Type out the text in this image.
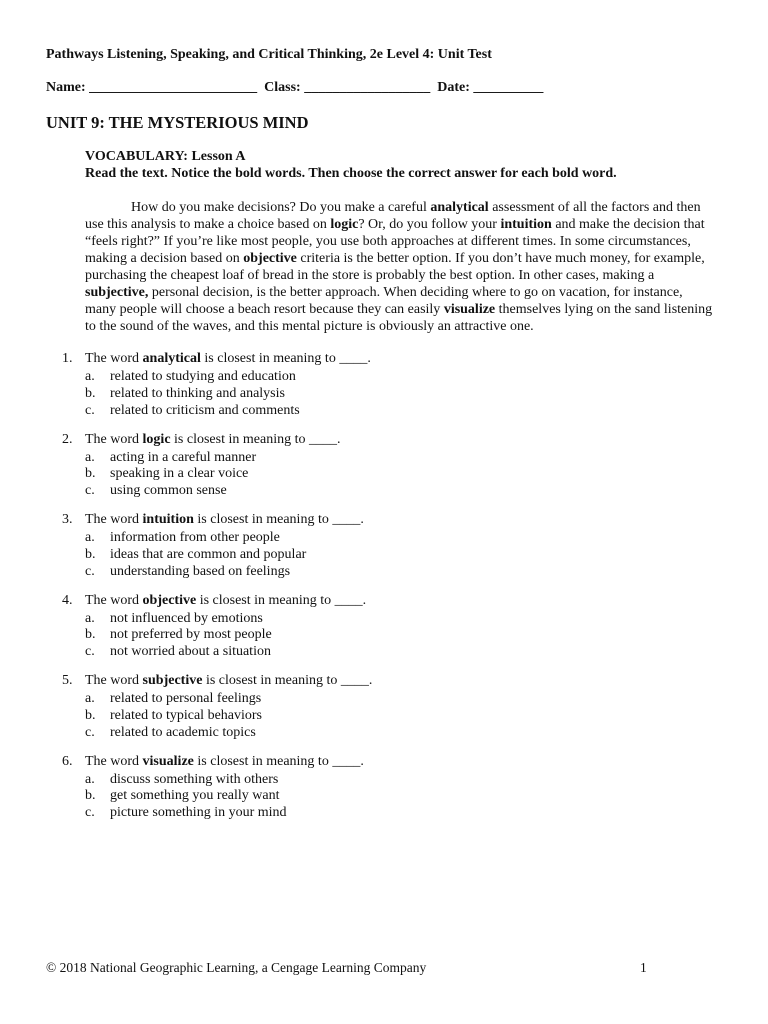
Pathways Listening, Speaking, and Critical Thinking, 2e Level 4: Unit Test
Name: ________________________ Class: __________________ Date: __________
UNIT 9: THE MYSTERIOUS MIND
VOCABULARY: Lesson A
Read the text. Notice the bold words. Then choose the correct answer for each bold word.

How do you make decisions? Do you make a careful analytical assessment of all the factors and then use this analysis to make a choice based on logic? Or, do you follow your intuition and make the decision that “feels right?” If you’re like most people, you use both approaches at different times. In some circumstances, making a decision based on objective criteria is the better option. If you don’t have much money, for example, purchasing the cheapest loaf of bread in the store is probably the best option. In other cases, making a subjective, personal decision, is the better approach. When deciding where to go on vacation, for instance, many people will choose a beach resort because they can easily visualize themselves lying on the sand listening to the sound of the waves, and this mental picture is obviously an attractive one.

1. The word analytical is closest in meaning to ____.
a. related to studying and education
b. related to thinking and analysis
c. related to criticism and comments
2. The word logic is closest in meaning to ____.
a. acting in a careful manner
b. speaking in a clear voice
c. using common sense
3. The word intuition is closest in meaning to ____.
a. information from other people
b. ideas that are common and popular
c. understanding based on feelings
4. The word objective is closest in meaning to ____.
a. not influenced by emotions
b. not preferred by most people
c. not worried about a situation
5. The word subjective is closest in meaning to ____.
a. related to personal feelings
b. related to typical behaviors
c. related to academic topics
6. The word visualize is closest in meaning to ____.
a. discuss something with others
b. get something you really want
c. picture something in your mind
© 2018 National Geographic Learning, a Cengage Learning Company	1
